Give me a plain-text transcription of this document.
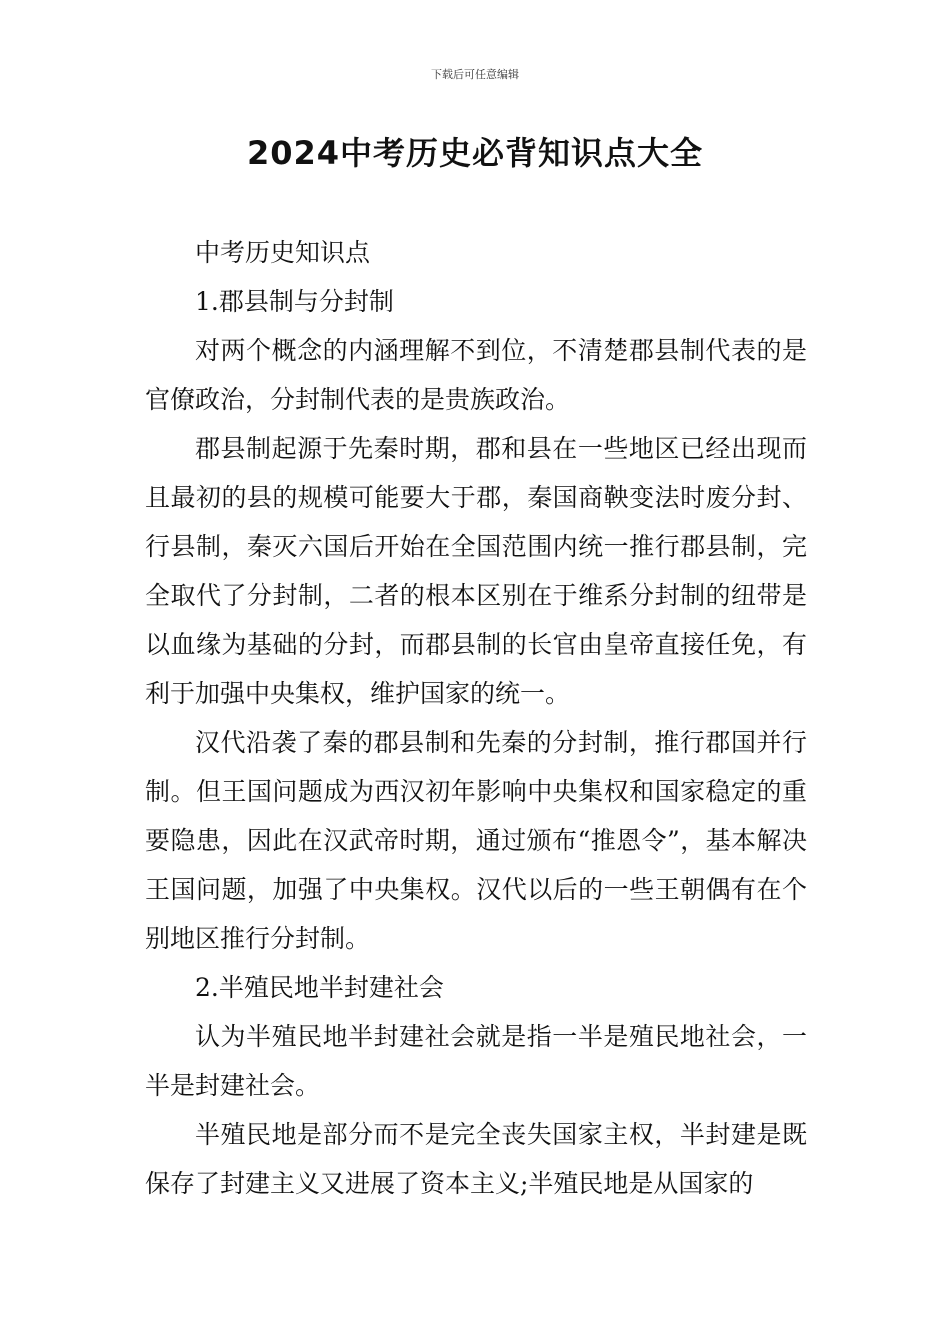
下载后可任意编辑
2024中考历史必背知识点大全

中考历史知识点

1.郡县制与分封制

对两个概念的内涵理解不到位，不清楚郡县制代表的是官僚政治，分封制代表的是贵族政治。

郡县制起源于先秦时期，郡和县在一些地区已经出现而且最初的县的规模可能要大于郡，秦国商鞅变法时废分封、行县制，秦灭六国后开始在全国范围内统一推行郡县制，完全取代了分封制，二者的根本区别在于维系分封制的纽带是以血缘为基础的分封，而郡县制的长官由皇帝直接任免，有利于加强中央集权，维护国家的统一。

汉代沿袭了秦的郡县制和先秦的分封制，推行郡国并行制。但王国问题成为西汉初年影响中央集权和国家稳定的重要隐患，因此在汉武帝时期，通过颁布“推恩令”，基本解决王国问题，加强了中央集权。汉代以后的一些王朝偶有在个别地区推行分封制。

2.半殖民地半封建社会

认为半殖民地半封建社会就是指一半是殖民地社会，一半是封建社会。

半殖民地是部分而不是完全丧失国家主权，半封建是既保存了封建主义又进展了资本主义;半殖民地是从国家的
